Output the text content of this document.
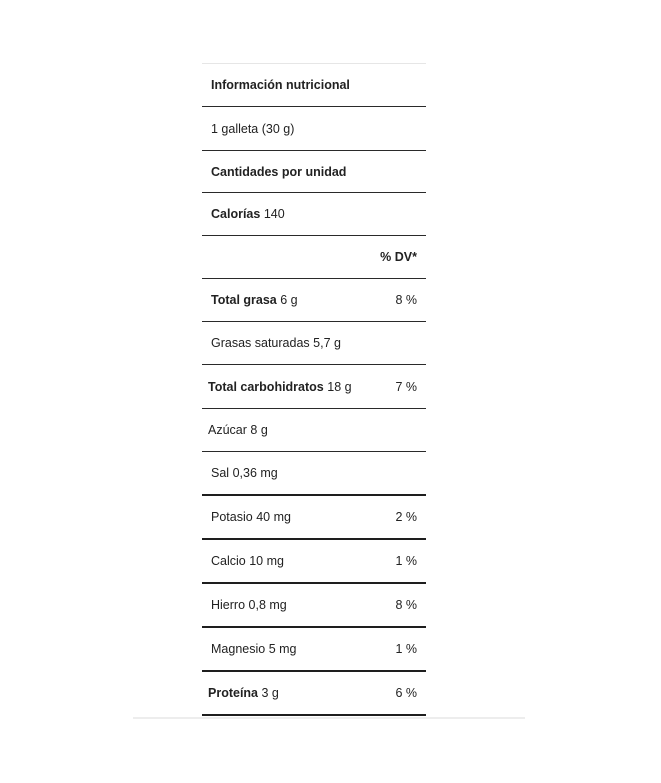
Información nutricional
1 galleta (30 g)
Cantidades por unidad
Calorías 140
% DV*
Total grasa 6 g	8 %
Grasas saturadas 5,7 g
Total carbohidratos 18 g	7 %
Azúcar 8 g
Sal 0,36 mg
Potasio 40 mg	2 %
Calcio 10 mg	1 %
Hierro 0,8 mg	8 %
Magnesio 5 mg	1 %
Proteína 3 g	6 %
